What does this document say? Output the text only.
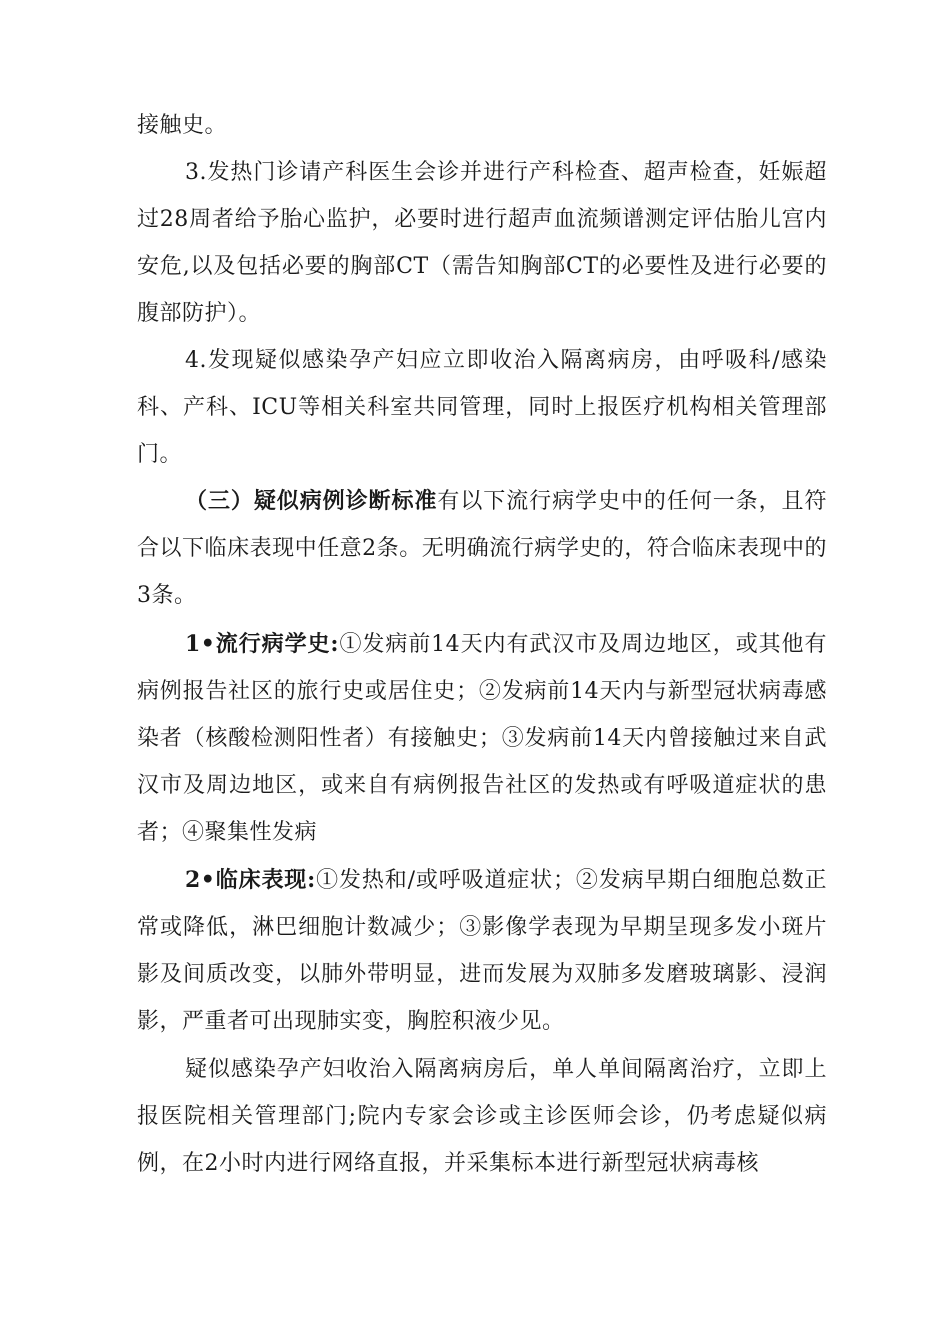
接触史。

3.发热门诊请产科医生会诊并进行产科检查、超声检查，妊娠超过28周者给予胎心监护，必要时进行超声血流频谱测定评估胎儿宫内安危,以及包括必要的胸部CT（需告知胸部CT的必要性及进行必要的腹部防护）。

4.发现疑似感染孕产妇应立即收治入隔离病房，由呼吸科/感染科、产科、ICU等相关科室共同管理，同时上报医疗机构相关管理部门。

（三）疑似病例诊断标准有以下流行病学史中的任何一条，且符合以下临床表现中任意2条。无明确流行病学史的，符合临床表现中的3条。

1•流行病学史:①发病前14天内有武汉市及周边地区，或其他有病例报告社区的旅行史或居住史；②发病前14天内与新型冠状病毒感染者（核酸检测阳性者）有接触史；③发病前14天内曾接触过来自武汉市及周边地区，或来自有病例报告社区的发热或有呼吸道症状的患者；④聚集性发病

2•临床表现:①发热和/或呼吸道症状；②发病早期白细胞总数正常或降低，淋巴细胞计数减少；③影像学表现为早期呈现多发小斑片影及间质改变，以肺外带明显，进而发展为双肺多发磨玻璃影、浸润影，严重者可出现肺实变，胸腔积液少见。

疑似感染孕产妇收治入隔离病房后，单人单间隔离治疗，立即上报医院相关管理部门;院内专家会诊或主诊医师会诊，仍考虑疑似病例，在2小时内进行网络直报，并采集标本进行新型冠状病毒核
